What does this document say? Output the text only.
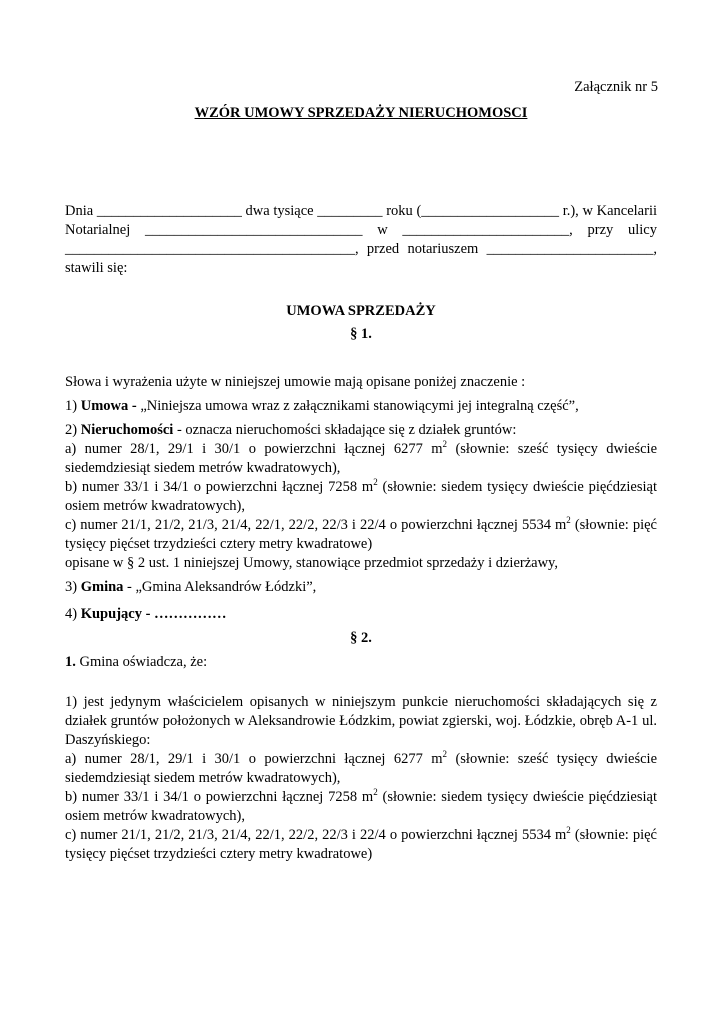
Załącznik nr 5
WZÓR UMOWY SPRZEDAŻY NIERUCHOMOSCI
Dnia ____________________ dwa tysiące _________ roku (___________________ r.), w Kancelarii
Notarialnej ______________________________ w _______________________, przy ulicy
________________________________________, przed notariuszem _______________________,
stawili się:
UMOWA SPRZEDAŻY
§ 1.
Słowa i wyrażenia użyte w niniejszej umowie mają opisane poniżej znaczenie :
1) Umowa - „Niniejsza umowa wraz z załącznikami stanowiącymi jej integralną część”,
2) Nieruchomości - oznacza nieruchomości składające się z działek gruntów:
a) numer 28/1, 29/1 i 30/1 o powierzchni łącznej 6277 $m^2$ (słownie: sześć tysięcy dwieście
siedemdziesiąt siedem metrów kwadratowych),
b) numer 33/1 i 34/1 o powierzchni łącznej 7258 $m^2$ (słownie: siedem tysięcy dwieście pięćdziesiąt
osiem metrów kwadratowych),
c) numer 21/1, 21/2, 21/3, 21/4, 22/1, 22/2, 22/3 i 22/4 o powierzchni łącznej 5534 $m^2$ (słownie: pięć
tysięcy pięćset trzydzieści cztery metry kwadratowe)
opisane w § 2 ust. 1 niniejszej Umowy, stanowiące przedmiot sprzedaży i dzierżawy,
3) Gmina - „Gmina Aleksandrów Łódzki”,
4) Kupujący - ……………
§ 2.
1. Gmina oświadcza, że:
1) jest jedynym właścicielem opisanych w niniejszym punkcie nieruchomości składających się z
działek gruntów położonych w Aleksandrowie Łódzkim, powiat zgierski, woj. Łódzkie, obręb A-1 ul.
Daszyńskiego:
a) numer 28/1, 29/1 i 30/1 o powierzchni łącznej 6277 $m^2$ (słownie: sześć tysięcy dwieście
siedemdziesiąt siedem metrów kwadratowych),
b) numer 33/1 i 34/1 o powierzchni łącznej 7258 $m^2$ (słownie: siedem tysięcy dwieście pięćdziesiąt
osiem metrów kwadratowych),
c) numer 21/1, 21/2, 21/3, 21/4, 22/1, 22/2, 22/3 i 22/4 o powierzchni łącznej 5534 $m^2$ (słownie: pięć
tysięcy pięćset trzydzieści cztery metry kwadratowe)
